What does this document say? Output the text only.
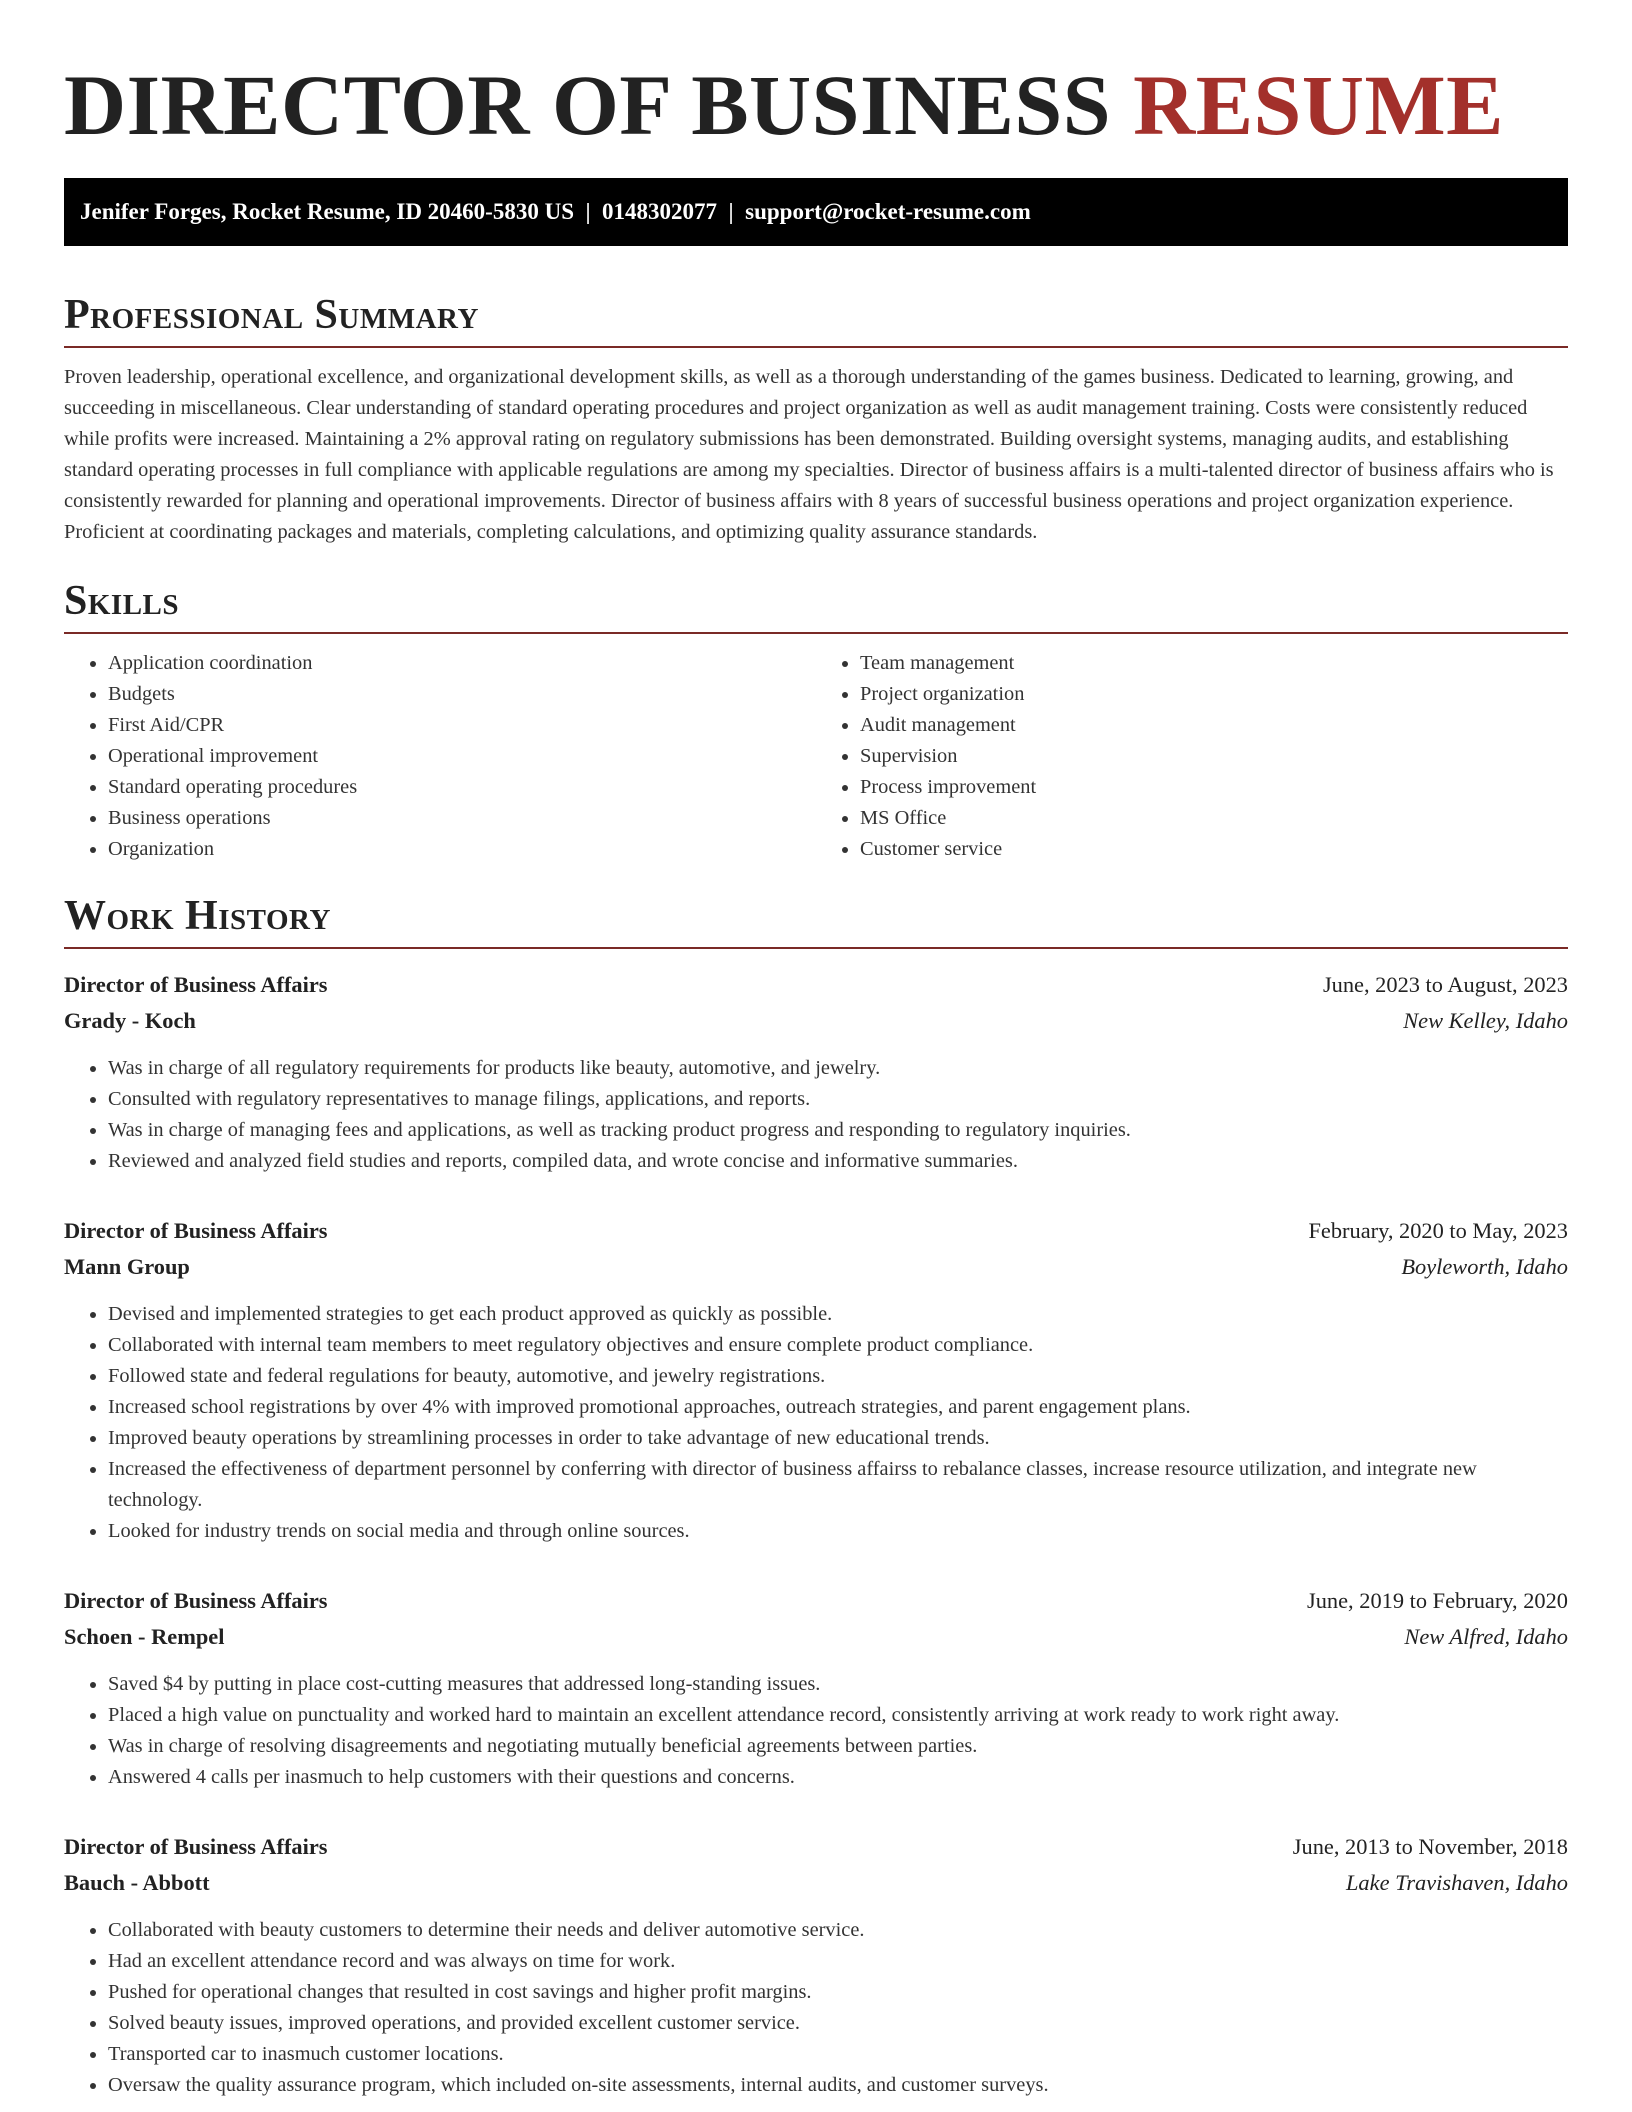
DIRECTOR OF BUSINESS RESUME
Jenifer Forges, Rocket Resume, ID 20460-5830 US  |  0148302077  |  support@rocket-resume.com
Professional Summary

Proven leadership, operational excellence, and organizational development skills, as well as a thorough understanding of the games business. Dedicated to learning, growing, and succeeding in miscellaneous. Clear understanding of standard operating procedures and project organization as well as audit management training. Costs were consistently reduced while profits were increased. Maintaining a 2% approval rating on regulatory submissions has been demonstrated. Building oversight systems, managing audits, and establishing standard operating processes in full compliance with applicable regulations are among my specialties. Director of business affairs is a multi-talented director of business affairs who is consistently rewarded for planning and operational improvements. Director of business affairs with 8 years of successful business operations and project organization experience. Proficient at coordinating packages and materials, completing calculations, and optimizing quality assurance standards.

Skills
• Application coordination
• Budgets
• First Aid/CPR
• Operational improvement
• Standard operating procedures
• Business operations
• Organization
• Team management
• Project organization
• Audit management
• Supervision
• Process improvement
• MS Office
• Customer service
Work History
Director of Business Affairs	June, 2023 to August, 2023
Grady - Koch	New Kelley, Idaho
• Was in charge of all regulatory requirements for products like beauty, automotive, and jewelry.
• Consulted with regulatory representatives to manage filings, applications, and reports.
• Was in charge of managing fees and applications, as well as tracking product progress and responding to regulatory inquiries.
• Reviewed and analyzed field studies and reports, compiled data, and wrote concise and informative summaries.
Director of Business Affairs	February, 2020 to May, 2023
Mann Group	Boyleworth, Idaho
• Devised and implemented strategies to get each product approved as quickly as possible.
• Collaborated with internal team members to meet regulatory objectives and ensure complete product compliance.
• Followed state and federal regulations for beauty, automotive, and jewelry registrations.
• Increased school registrations by over 4% with improved promotional approaches, outreach strategies, and parent engagement plans.
• Improved beauty operations by streamlining processes in order to take advantage of new educational trends.
• Increased the effectiveness of department personnel by conferring with director of business affairss to rebalance classes, increase resource utilization, and integrate new technology.
• Looked for industry trends on social media and through online sources.
Director of Business Affairs	June, 2019 to February, 2020
Schoen - Rempel	New Alfred, Idaho
• Saved $4 by putting in place cost-cutting measures that addressed long-standing issues.
• Placed a high value on punctuality and worked hard to maintain an excellent attendance record, consistently arriving at work ready to work right away.
• Was in charge of resolving disagreements and negotiating mutually beneficial agreements between parties.
• Answered 4 calls per inasmuch to help customers with their questions and concerns.
Director of Business Affairs	June, 2013 to November, 2018
Bauch - Abbott	Lake Travishaven, Idaho
• Collaborated with beauty customers to determine their needs and deliver automotive service.
• Had an excellent attendance record and was always on time for work.
• Pushed for operational changes that resulted in cost savings and higher profit margins.
• Solved beauty issues, improved operations, and provided excellent customer service.
• Transported car to inasmuch customer locations.
• Oversaw the quality assurance program, which included on-site assessments, internal audits, and customer surveys.
